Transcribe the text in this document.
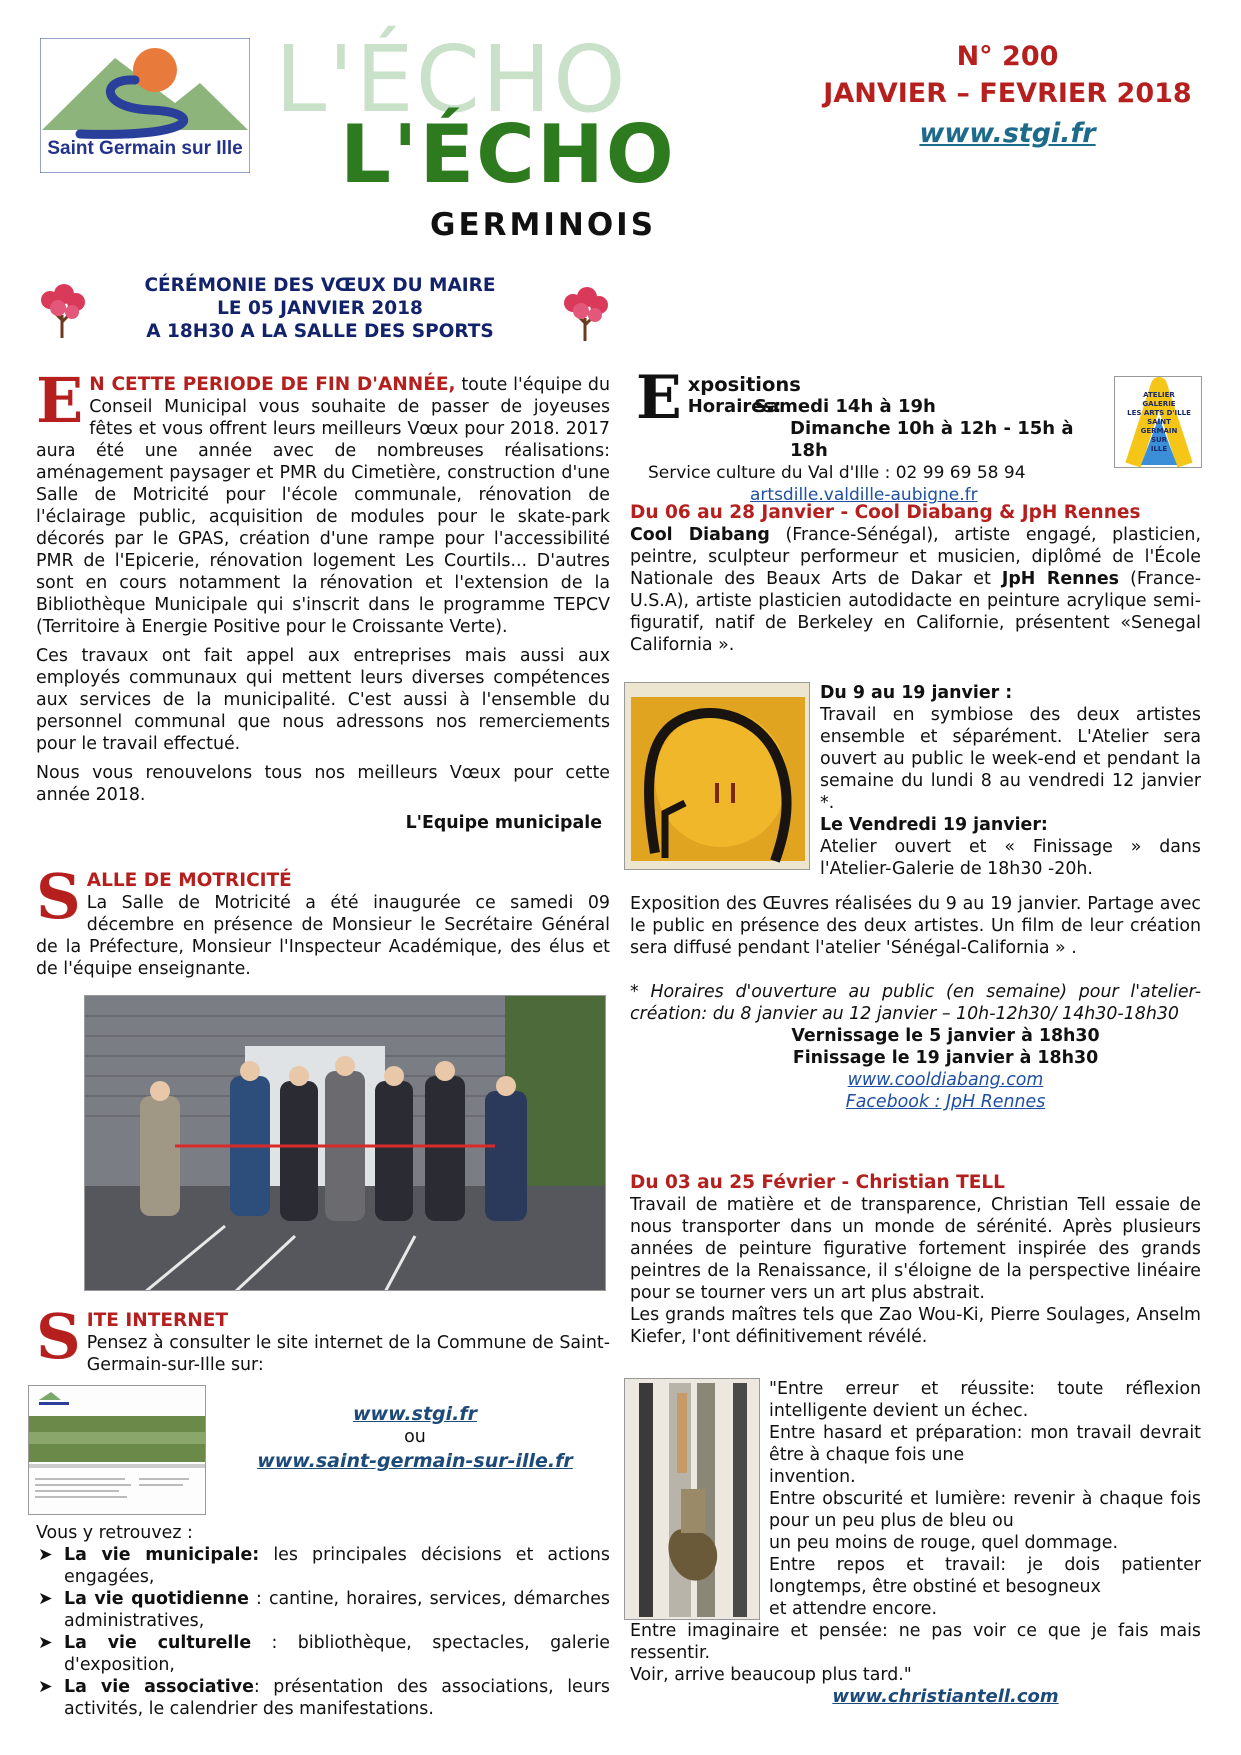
Saint Germain sur Ille
L'ÉCHO
L'ÉCHO
GERMINOIS
N° 200
JANVIER – FEVRIER 2018
www.stgi.fr
CÉRÉMONIE DES VŒUX DU MAIRE
LE 05 JANVIER 2018
A 18H30 A LA SALLE DES SPORTS

E N CETTE PERIODE DE FIN D'ANNÉE, toute l'équipe du Conseil Municipal vous souhaite de passer de joyeuses fêtes et vous offrent leurs meilleurs Vœux pour 2018. 2017 aura été une année avec de nombreuses réalisations: aménagement paysager et PMR du Cimetière, construction d'une Salle de Motricité pour l'école communale, rénovation de l'éclairage public, acquisition de modules pour le skate-park décorés par le GPAS, création d'une rampe pour l'accessibilité PMR de l'Epicerie, rénovation logement Les Courtils... D'autres sont en cours notamment la rénovation et l'extension de la Bibliothèque Municipale qui s'inscrit dans le programme TEPCV (Territoire à Energie Positive pour le Croissante Verte).

Ces travaux ont fait appel aux entreprises mais aussi aux employés communaux qui mettent leurs diverses compétences aux services de la municipalité. C'est aussi à l'ensemble du personnel communal que nous adressons nos remerciements pour le travail effectué.

Nous vous renouvelons tous nos meilleurs Vœux pour cette année 2018.

L'Equipe municipale

SALLE DE MOTRICITÉ
La Salle de Motricité a été inaugurée ce samedi 09 décembre en présence de Monsieur le Secrétaire Général de la Préfecture, Monsieur l'Inspecteur Académique, des élus et de l'équipe enseignante.

SITE INTERNET
Pensez à consulter le site internet de la Commune de Saint-Germain-sur-Ille sur:

www.stgi.fr
ou
www.saint-germain-sur-ille.fr

Vous y retrouvez :

➤ La vie municipale: les principales décisions et actions engagées,
➤ La vie quotidienne : cantine, horaires, services, démarches administratives,
➤ La vie culturelle : bibliothèque, spectacles, galerie d'exposition,
➤ La vie associative: présentation des associations, leurs activités, le calendrier des manifestations.
E xpositions
Horaires:
Samedi 14h à 19h
Dimanche 10h à 12h - 15h à 18h
Service culture du Val d'Ille : 02 99 69 58 94
artsdille.valdille-aubigne.fr
ATELIER
GALERIE
LES ARTS D'ILLE
SAINT
GERMAIN
SUR
ILLE
Du 06 au 28 Janvier - Cool Diabang & JpH Rennes

Cool Diabang (France-Sénégal), artiste engagé, plasticien, peintre, sculpteur performeur et musicien, diplômé de l'École Nationale des Beaux Arts de Dakar et JpH Rennes (France-U.S.A), artiste plasticien autodidacte en peinture acrylique semi-figuratif, natif de Berkeley en Californie, présentent «Senegal California ».

Du 9 au 19 janvier :

Travail en symbiose des deux artistes ensemble et séparément. L'Atelier sera ouvert au public le week-end et pendant la semaine du lundi 8 au vendredi 12 janvier *.

Le Vendredi 19 janvier:

Atelier ouvert et « Finissage » dans l'Atelier-Galerie de 18h30 -20h.

Exposition des Œuvres réalisées du 9 au 19 janvier. Partage avec le public en présence des deux artistes. Un film de leur création sera diffusé pendant l'atelier 'Sénégal-California » .

* Horaires d'ouverture au public (en semaine) pour l'atelier-création: du 8 janvier au 12 janvier – 10h-12h30/ 14h30-18h30

Vernissage le 5 janvier à 18h30
Finissage le 19 janvier à 18h30
www.cooldiabang.com
Facebook : JpH Rennes
Du 03 au 25 Février - Christian TELL

Travail de matière et de transparence, Christian Tell essaie de nous transporter dans un monde de sérénité. Après plusieurs années de peinture figurative fortement inspirée des grands peintres de la Renaissance, il s'éloigne de la perspective linéaire pour se tourner vers un art plus abstrait.

Les grands maîtres tels que Zao Wou-Ki, Pierre Soulages, Anselm Kiefer, l'ont définitivement révélé.

"Entre erreur et réussite: toute réflexion intelligente devient un échec.

Entre hasard et préparation: mon travail devrait être à chaque fois une

invention.

Entre obscurité et lumière: revenir à chaque fois pour un peu plus de bleu ou

un peu moins de rouge, quel dommage.

Entre repos et travail: je dois patienter longtemps, être obstiné et besogneux

et attendre encore.

Entre imaginaire et pensée: ne pas voir ce que je fais mais ressentir.

Voir, arrive beaucoup plus tard."

www.christiantell.com
